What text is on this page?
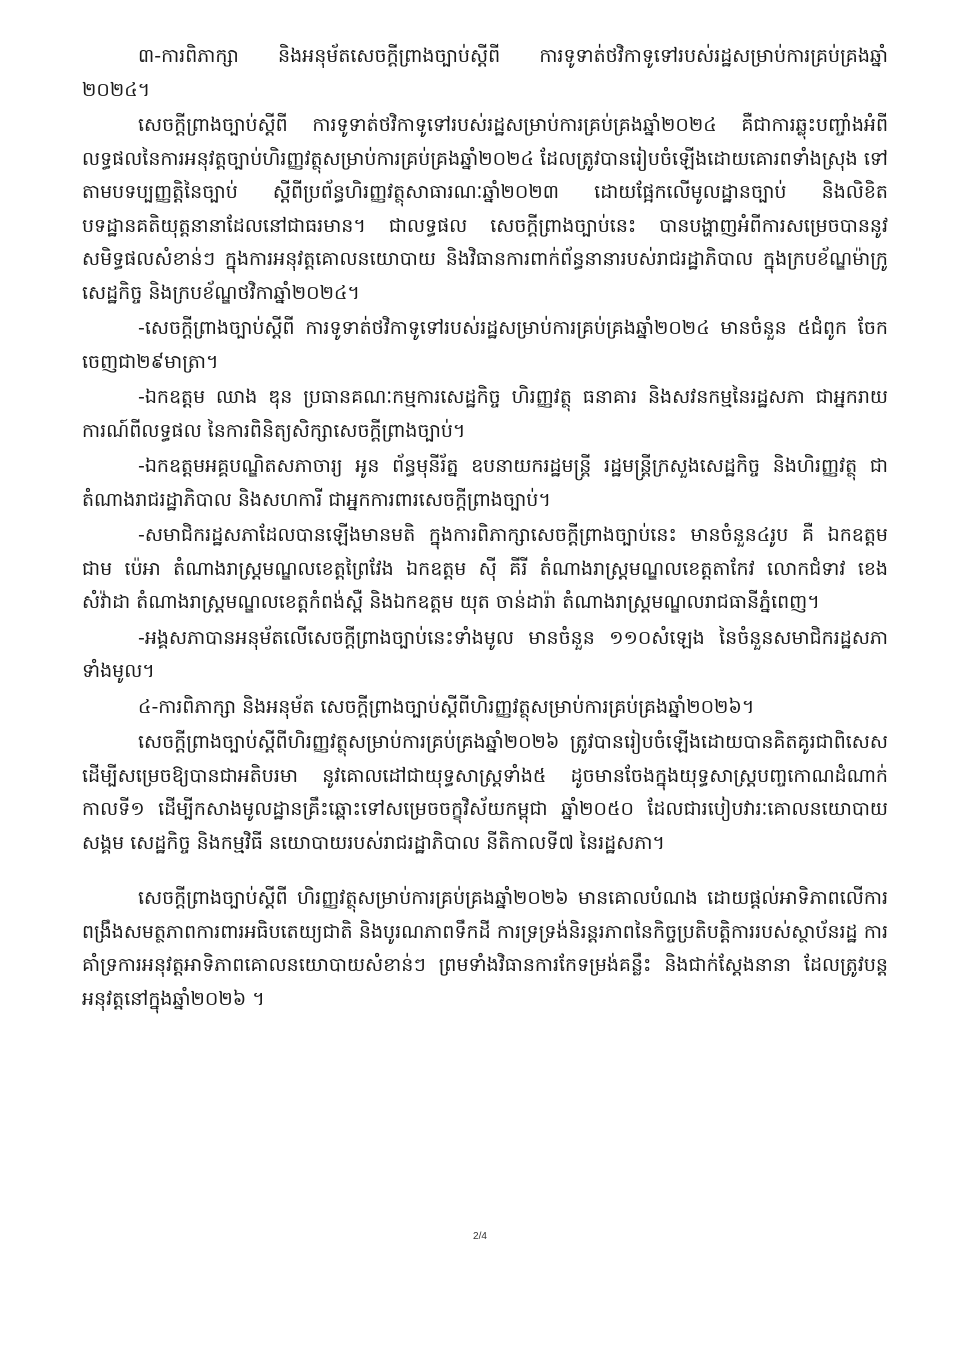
៣-ការពិភាក្សា និងអនុម័តសេចក្តីព្រាងច្បាប់ស្តីពី ការទូទាត់ថវិកាទូទៅរបស់រដ្ឋសម្រាប់ការគ្រប់គ្រងឆ្នាំ ២០២៤។

សេចក្តីព្រាងច្បាប់ស្តីពី ការទូទាត់ថវិកាទូទៅរបស់រដ្ឋសម្រាប់ការគ្រប់គ្រងឆ្នាំ២០២៤ គឺជាការឆ្លុះបញ្ចាំងអំពីលទ្ធផលនៃការអនុវត្តច្បាប់ហិរញ្ញវត្ថុសម្រាប់ការគ្រប់គ្រងឆ្នាំ២០២៤ ដែលត្រូវបានរៀបចំឡើងដោយគោរពទាំងស្រុង ទៅតាមបទប្បញ្ញត្តិនៃច្បាប់ ស្តីពីប្រព័ន្ធហិរញ្ញវត្ថុសាធារណៈឆ្នាំ២០២៣ ដោយផ្អែកលើមូលដ្ឋានច្បាប់ និងលិខិតបទដ្ឋានគតិយុត្តនានាដែលនៅជាធរមាន។ ជាលទ្ធផល សេចក្តីព្រាងច្បាប់នេះ បានបង្ហាញអំពីការសម្រេចបាននូវសមិទ្ធផលសំខាន់ៗ ក្នុងការអនុវត្តគោលនយោបាយ និងវិធានការពាក់ព័ន្ធនានារបស់រាជរដ្ឋាភិបាល ក្នុងក្របខ័ណ្ឌម៉ាក្រូសេដ្ឋកិច្ច និងក្របខ័ណ្ឌថវិកាឆ្នាំ២០២៤។

-សេចក្តីព្រាងច្បាប់ស្តីពី ការទូទាត់ថវិកាទូទៅរបស់រដ្ឋសម្រាប់ការគ្រប់គ្រងឆ្នាំ២០២៤ មានចំនួន ៥ជំពូក ចែកចេញជា២៩មាត្រា។

-ឯកឧត្តម ឈាង ឌុន ប្រធានគណៈកម្មការសេដ្ឋកិច្ច ហិរញ្ញវត្ថុ ធនាគារ និងសវនកម្មនៃរដ្ឋសភា ជាអ្នករាយការណ៍ពីលទ្ធផល នៃការពិនិត្យសិក្សាសេចក្តីព្រាងច្បាប់។

-ឯកឧត្តមអគ្គបណ្ឌិតសភាចារ្យ អូន ព័ន្ធមុនីរ័ត្ន ឧបនាយករដ្ឋមន្ត្រី រដ្ឋមន្ត្រីក្រសួងសេដ្ឋកិច្ច និងហិរញ្ញវត្ថុ ជាតំណាងរាជរដ្ឋាភិបាល និងសហការី ជាអ្នកការពារសេចក្តីព្រាងច្បាប់។

-សមាជិករដ្ឋសភាដែលបានឡើងមានមតិ ក្នុងការពិភាក្សាសេចក្តីព្រាងច្បាប់នេះ មានចំនួន៤រូប គឺ ឯកឧត្តម ជាម ប៉េអា តំណាងរាស្ត្រមណ្ឌលខេត្តព្រៃវែង ឯកឧត្តម ស៊ី គីរី តំណាងរាស្ត្រមណ្ឌលខេត្តតាកែវ លោកជំទាវ ខេង សំវ៉ាដា តំណាងរាស្ត្រមណ្ឌលខេត្តកំពង់ស្ពឺ និងឯកឧត្តម យុត ចាន់ដារ៉ា តំណាងរាស្ត្រមណ្ឌលរាជធានីភ្នំពេញ។

-អង្គសភាបានអនុម័តលើសេចក្តីព្រាងច្បាប់នេះទាំងមូល មានចំនួន ១១០សំឡេង នៃចំនួនសមាជិករដ្ឋសភាទាំងមូល។

៤-ការពិភាក្សា និងអនុម័ត សេចក្តីព្រាងច្បាប់ស្តីពីហិរញ្ញវត្ថុសម្រាប់ការគ្រប់គ្រងឆ្នាំ២០២៦។

សេចក្តីព្រាងច្បាប់ស្តីពីហិរញ្ញវត្ថុសម្រាប់ការគ្រប់គ្រងឆ្នាំ២០២៦ ត្រូវបានរៀបចំឡើងដោយបានគិតគូរជាពិសេស ដើម្បីសម្រេចឱ្យបានជាអតិបរមា នូវគោលដៅជាយុទ្ធសាស្ត្រទាំង៥ ដូចមានចែងក្នុងយុទ្ធសាស្ត្របញ្ចកោណដំណាក់កាលទី១ ដើម្បីកសាងមូលដ្ឋានគ្រឹះឆ្ពោះទៅសម្រេចចក្ខុវិស័យកម្ពុជា ឆ្នាំ២០៥០ ដែលជារបៀបវារៈគោលនយោបាយសង្គម សេដ្ឋកិច្ច និងកម្មវិធី នយោបាយរបស់រាជរដ្ឋាភិបាល នីតិកាលទី៧ នៃរដ្ឋសភា។

សេចក្តីព្រាងច្បាប់ស្តីពី ហិរញ្ញវត្ថុសម្រាប់ការគ្រប់គ្រងឆ្នាំ២០២៦ មានគោលបំណង ដោយផ្តល់អាទិភាពលើការពង្រឹងសមត្ថភាពការពារអធិបតេយ្យជាតិ និងបូរណភាពទឹកដី ការទ្រទ្រង់និរន្តរភាពនៃកិច្ចប្រតិបត្តិការរបស់ស្ថាប័នរដ្ឋ ការគាំទ្រការអនុវត្តអាទិភាពគោលនយោបាយសំខាន់ៗ ព្រមទាំងវិធានការកែទម្រង់គន្លឹះ និងជាក់ស្តែងនានា ដែលត្រូវបន្តអនុវត្តនៅក្នុងឆ្នាំ២០២៦ ។

2/4
